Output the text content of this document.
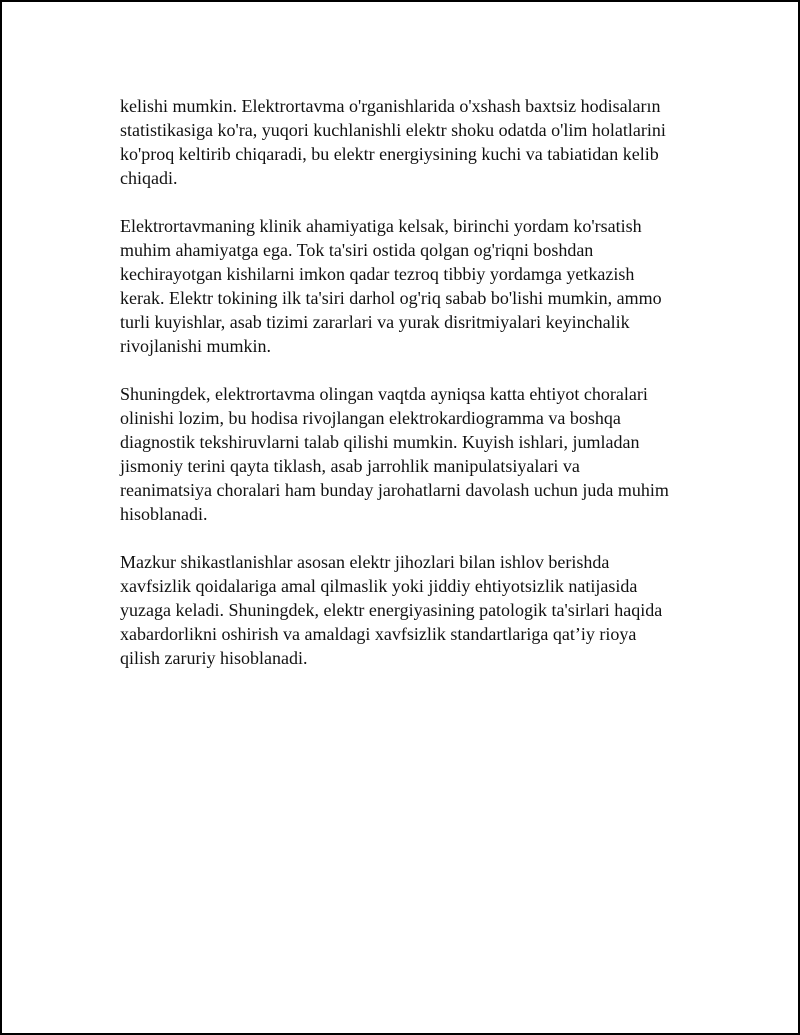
kelishi mumkin. Elektrortavma o'rganishlarida o'xshash baxtsiz hodisaların
statistikasiga ko'ra, yuqori kuchlanishli elektr shoku odatda o'lim holatlarini
ko'proq keltirib chiqaradi, bu elektr energiysining kuchi va tabiatidan kelib
chiqadi.

Elektrortavmaning klinik ahamiyatiga kelsak, birinchi yordam ko'rsatish
muhim ahamiyatga ega. Tok ta'siri ostida qolgan og'riqni boshdan
kechirayotgan kishilarni imkon qadar tezroq tibbiy yordamga yetkazish
kerak. Elektr tokining ilk ta'siri darhol og'riq sabab bo'lishi mumkin, ammo
turli kuyishlar, asab tizimi zararlari va yurak disritmiyalari keyinchalik
rivojlanishi mumkin.

Shuningdek, elektrortavma olingan vaqtda ayniqsa katta ehtiyot choralari
olinishi lozim, bu hodisa rivojlangan elektrokardiogramma va boshqa
diagnostik tekshiruvlarni talab qilishi mumkin. Kuyish ishlari, jumladan
jismoniy terini qayta tiklash, asab jarrohlik manipulatsiyalari va
reanimatsiya choralari ham bunday jarohatlarni davolash uchun juda muhim
hisoblanadi.

Mazkur shikastlanishlar asosan elektr jihozlari bilan ishlov berishda
xavfsizlik qoidalariga amal qilmaslik yoki jiddiy ehtiyotsizlik natijasida
yuzaga keladi. Shuningdek, elektr energiyasining patologik ta'sirlari haqida
xabardorlikni oshirish va amaldagi xavfsizlik standartlariga qat’iy rioya
qilish zaruriy hisoblanadi.
